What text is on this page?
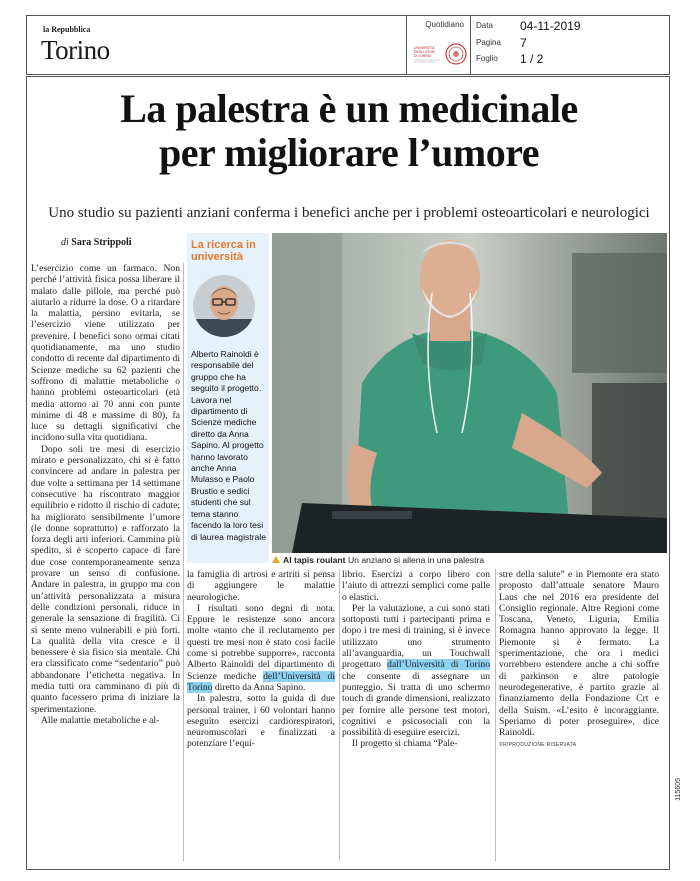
la Repubblica
Torino
Quotidiano
UNIVERSITÀ
DEGLI STUDI
DI TORINO
Data 04-11-2019
Pagina 7
Foglio 1 / 2
La palestra è un medicinale
per migliorare l’umore
Uno studio su pazienti anziani conferma i benefici anche per i problemi osteoarticolari e neurologici
di Sara Strippoli

L’esercizio come un farmaco. Non perché l’attività fisica possa liberare il malato dalle pillole, ma perché può aiutarlo a ridurre la dose. O a ritardare la malattia, persino evitarla, se l’esercizio viene utilizzato per prevenire. I benefici sono ormai citati quotidianamente, ma uno studio condotto di recente dal dipartimento di Scienze mediche su 62 pazienti che soffrono di malattie metaboliche o hanno problemi osteoarticolari (età media attorno ai 70 anni con punte minime di 48 e massime di 80), fa luce su dettagli significativi che incidono sulla vita quotidiana.

Dopo soli tre mesi di esercizio mirato e personalizzato, chi si è fatto convincere ad andare in palestra per due volte a settimana per 14 settimane consecutive ha riscontrato maggior equilibrio e ridotto il rischio di cadute; ha migliorato sensibilmente l’umore (le donne soprattutto) e rafforzato la forza degli arti inferiori. Cammina più spedito, si è scoperto capace di fare due cose contemporaneamente senza provare un senso di confusione. Andare in palestra, in gruppo ma con un’attività personalizzata a misura delle condizioni personali, riduce in generale la sensazione di fragilità. Ci si sente meno vulnerabili e più forti. La qualità della vita cresce e il benessere è sia fisico sia mentale. Chi era classificato come “sedentario” può abbandonare l’etichetta negativa. In media tutti ora camminano di più di quanto facessero prima di iniziare la sperimentazione.

Alle malattie metaboliche e al-

La ricerca in università
Alberto Rainoldi è responsabile del gruppo che ha seguito il progetto. Lavora nel dipartimento di Scienze mediche diretto da Anna Sapino. Al progetto hanno lavorato anche Anna Mulasso e Paolo Brustio e sedici studenti che sul tema stanno facendo la loro tesi di laurea magistrale
Al tapis roulant Un anziano si allena in una palestra

la famiglia di artrosi e artriti si pensa di aggiungere le malattie neurologiche.

I risultati sono degni di nota. Eppure le resistenze sono ancora molte «tanto che il reclutamento per questi tre mesi non è stato così facile come si potrebbe supporre», racconta Alberto Rainoldi del dipartimento di Scienze mediche dell’Università di Torino diretto da Anna Sapino.

In palestra, sotto la guida di due personal trainer, i 60 volontari hanno eseguito esercizi cardiorespiratori, neuromuscolari e finalizzati a potenziare l’equi-

librio. Esercizi a corpo libero con l’aiuto di attrezzi semplici come palle o elastici.

Per la valutazione, a cui sono stati sottoposti tutti i partecipanti prima e dopo i tre mesi di training, si è invece utilizzato uno strumento all’avanguardia, un Touchwall progettato dall’Università di Torino che consente di assegnare un punteggio. Si tratta di uno schermo touch di grande dimensioni, realizzato per fornire alle persone test motori, cognitivi e psicosociali con la possibilità di eseguire esercizi.

Il progetto si chiama “Pale-

stre della salute” e in Piemonte era stato proposto dall’attuale senatore Mauro Laus che nel 2016 era presidente del Consiglio regionale. Altre Regioni come Toscana, Veneto, Liguria, Emilia Romagna hanno approvato la legge. Il Piemonte si è fermato. La sperimentazione, che ora i medici vorrebbero estendere anche a chi soffre di parkinson e altre patologie neurodegenerative, è partito grazie al finanziamento della Fondazione Crt e della Suism. «L’esito è incoraggiante. Speriamo di poter proseguire», dice Rainoldi.

©RIPRODUZIONE RISERVATA
115605
